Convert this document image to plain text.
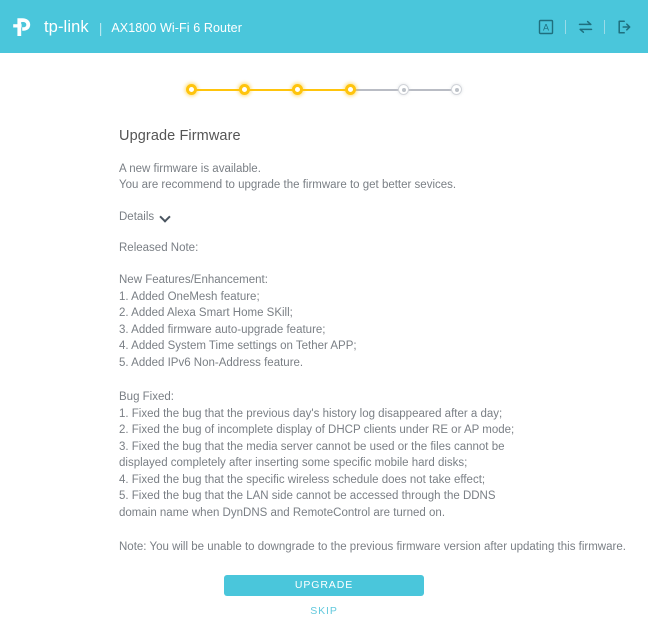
tp-link | AX1800 Wi-Fi 6 Router	A
Upgrade Firmware
A new firmware is available.
You are recommend to upgrade the firmware to get better sevices.
Details
Released Note:
New Features/Enhancement:
1. Added OneMesh feature;
2. Added Alexa Smart Home SKill;
3. Added firmware auto-upgrade feature;
4. Added System Time settings on Tether APP;
5. Added IPv6 Non-Address feature.
Bug Fixed:
1. Fixed the bug that the previous day's history log disappeared after a day;
2. Fixed the bug of incomplete display of DHCP clients under RE or AP mode;
3. Fixed the bug that the media server cannot be used or the files cannot be displayed completely after inserting some specific mobile hard disks;
4. Fixed the bug that the specific wireless schedule does not take effect;
5. Fixed the bug that the LAN side cannot be accessed through the DDNS domain name when DynDNS and RemoteControl are turned on.
Note: You will be unable to downgrade to the previous firmware version after updating this firmware.
UPGRADE
SKIP
